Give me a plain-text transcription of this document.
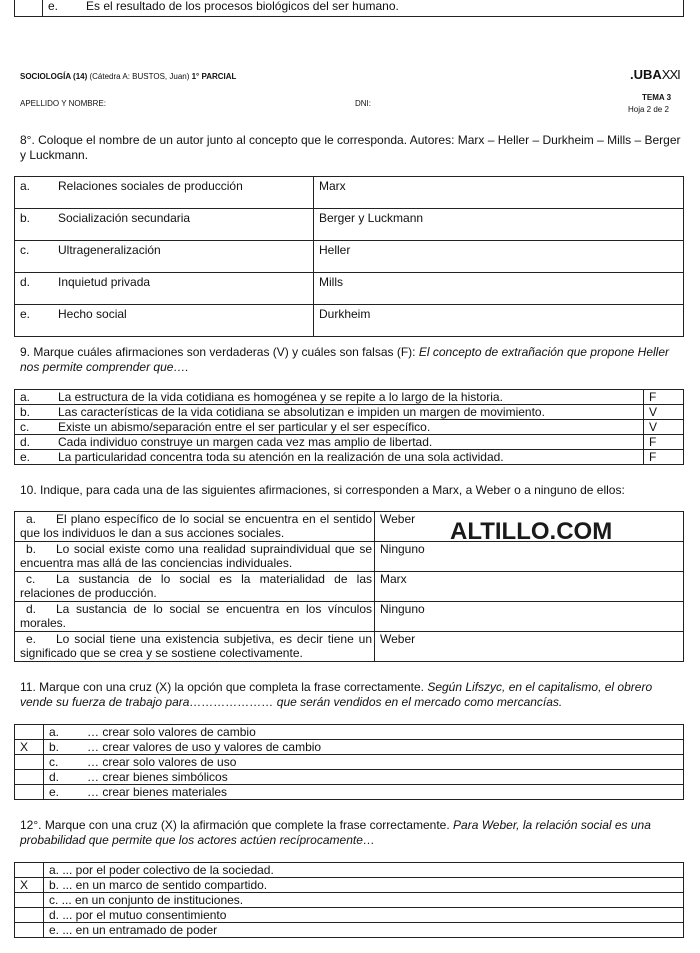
	e. Es el resultado de los procesos biológicos del ser humano.
SOCIOLOGÍA (14) (Cátedra A: BUSTOS, Juan) 1° PARCIAL	.UBAXXI
APELLIDO Y NOMBRE:	DNI:
TEMA 3
Hoja 2 de 2
8°. Coloque el nombre de un autor junto al concepto que le corresponda. Autores: Marx – Heller – Durkheim – Mills – Berger y Luckmann.
a. Relaciones sociales de producción	Marx
b. Socialización secundaria	Berger y Luckmann
c. Ultrageneralización	Heller
d. Inquietud privada	Mills
e. Hecho social	Durkheim
9. Marque cuáles afirmaciones son verdaderas (V) y cuáles son falsas (F): El concepto de extrañación que propone Heller nos permite comprender que….
a. La estructura de la vida cotidiana es homogénea y se repite a lo largo de la historia.	F
b. Las características de la vida cotidiana se absolutizan e impiden un margen de movimiento.	V
c. Existe un abismo/separación entre el ser particular y el ser específico.	V
d. Cada individuo construye un margen cada vez mas amplio de libertad.	F
e. La particularidad concentra toda su atención en la realización de una sola actividad.	F
ALTILLO.COM
10. Indique, para cada una de las siguientes afirmaciones, si corresponden a Marx, a Weber o a ninguno de ellos:
a. El plano específico de lo social se encuentra en el sentido que los individuos le dan a sus acciones sociales.	Weber
b. Lo social existe como una realidad supraindividual que se encuentra mas allá de las conciencias individuales.	Ninguno
c. La sustancia de lo social es la materialidad de las relaciones de producción.	Marx
d. La sustancia de lo social se encuentra en los vínculos morales.	Ninguno
e. Lo social tiene una existencia subjetiva, es decir tiene un significado que se crea y se sostiene colectivamente.	Weber
11. Marque con una cruz (X) la opción que completa la frase correctamente. Según Lifszyc, en el capitalismo, el obrero vende su fuerza de trabajo para………………… que serán vendidos en el mercado como mercancías.
	a. … crear solo valores de cambio
X	b. … crear valores de uso y valores de cambio
	c. … crear solo valores de uso
	d. … crear bienes simbólicos
	e. … crear bienes materiales
12°. Marque con una cruz (X) la afirmación que complete la frase correctamente. Para Weber, la relación social es una probabilidad que permite que los actores actúen recíprocamente…
	a. ... por el poder colectivo de la sociedad.
X	b. ... en un marco de sentido compartido.
	c. ... en un conjunto de instituciones.
	d. ... por el mutuo consentimiento
	e. ... en un entramado de poder
